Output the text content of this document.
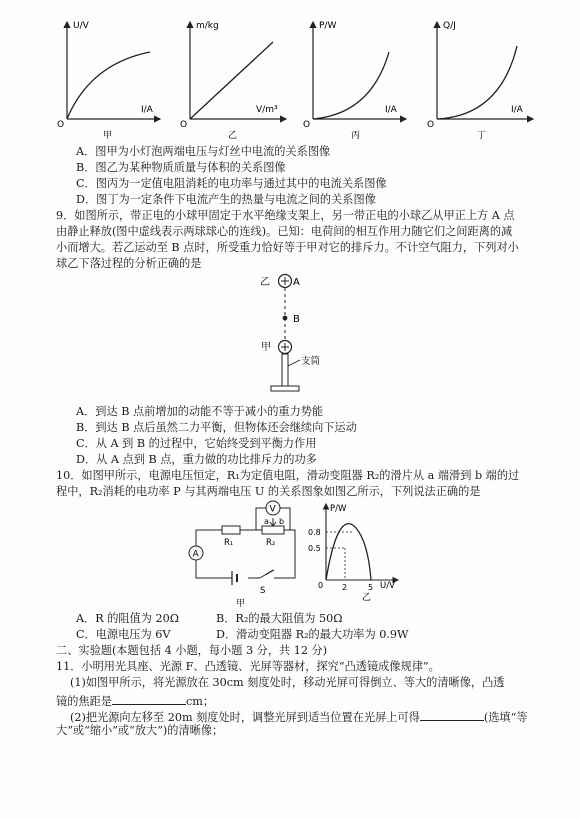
U/V
I/A
O
甲
m/kg
V/m³
O
乙
P/W
I/A
O
丙
Q/J
I/A
O
丁
A．图甲为小灯泡两端电压与灯丝中电流的关系图像
B．图乙为某种物质质量与体积的关系图像
C．图丙为一定值电阻消耗的电功率与通过其中的电流关系图像
D．图丁为一定条件下电流产生的热量与电流之间的关系图像
9．如图所示，带正电的小球甲固定于水平绝缘支架上，另一带正电的小球乙从甲正上方 A 点
由静止释放(图中虚线表示两球球心的连线)。已知：电荷间的相互作用力随它们之间距离的减
小而增大。若乙运动至 B 点时，所受重力恰好等于甲对它的排斥力。不计空气阻力，下列对小
球乙下落过程的分析正确的是
乙 A
B
甲
支筒
A．到达 B 点前增加的动能不等于减小的重力势能
B．到达 B 点后虽然二力平衡，但物体还会继续向下运动
C．从 A 到 B 的过程中，它始终受到平衡力作用
D．从 A 点到 B 点，重力做的功比排斥力的功多
10．如图甲所示，电源电压恒定，R₁为定值电阻，滑动变阻器 R₂的滑片从 a 端滑到 b 端的过
程中，R₂消耗的电功率 P 与其两端电压 U 的关系图象如图乙所示，下列说法正确的是
A
R₁	R₂
a b
V
S
甲
P/W
U/V
0
0.8
0.5
2	5
乙
A．R 的阻值为 20Ω	B．R₂的最大阻值为 50Ω
C．电源电压为 6V	D．滑动变阻器 R₂的最大功率为 0.9W
二、实验题(本题包括 4 小题，每小题 3 分，共 12 分)
11．小明用光具座、光源 F、凸透镜、光屏等器材，探究“凸透镜成像规律”。
(1)如图甲所示，将光源放在 30cm 刻度处时，移动光屏可得倒立、等大的清晰像，凸透
镜的焦距是	cm；
(2)把光源向左移至 20m 刻度处时，调整光屏到适当位置在光屏上可得	(选填“等
大”或“缩小”或“放大”)的清晰像；
